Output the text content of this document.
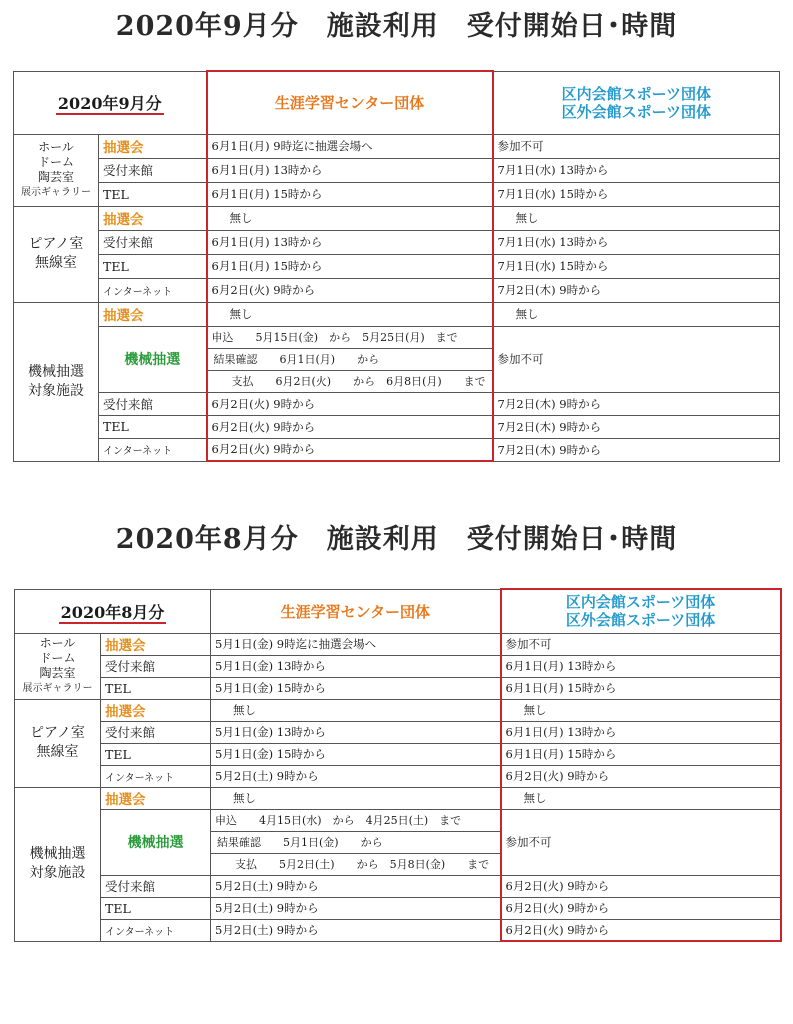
2020年9月分　施設利用　受付開始日･時間
2020年9月分		生涯学習センター団体	区内会館スポーツ団体
区外会館スポーツ団体

ホール
ドーム
陶芸室
展示ギャラリー	抽選会	6月1日(月) 9時迄に抽選会場へ	参加不可
	受付来館	6月1日(月) 13時から	7月1日(水) 13時から
	TEL	6月1日(月) 15時から	7月1日(水) 15時から

ピアノ室
無線室	抽選会	無し	無し
	受付来館	6月1日(月) 13時から	7月1日(水) 13時から
	TEL	6月1日(月) 15時から	7月1日(水) 15時から
	インターネット	6月2日(火) 9時から	7月2日(木) 9時から

機械抽選
対象施設	抽選会	無し	無し
	機械抽選	申込　　5月15日(金)　から　5月25日(月)　まで	参加不可
		結果確認　　6月1日(月)　　から	
		支払　　6月2日(火)　　から　6月8日(月)　　まで	
	受付来館	6月2日(火) 9時から	7月2日(木) 9時から
	TEL	6月2日(火) 9時から	7月2日(木) 9時から
	インターネット	6月2日(火) 9時から	7月2日(木) 9時から
2020年8月分　施設利用　受付開始日･時間
2020年8月分		生涯学習センター団体	区内会館スポーツ団体
区外会館スポーツ団体

ホール
ドーム
陶芸室
展示ギャラリー	抽選会	5月1日(金) 9時迄に抽選会場へ	参加不可
	受付来館	5月1日(金) 13時から	6月1日(月) 13時から
	TEL	5月1日(金) 15時から	6月1日(月) 15時から

ピアノ室
無線室	抽選会	無し	無し
	受付来館	5月1日(金) 13時から	6月1日(月) 13時から
	TEL	5月1日(金) 15時から	6月1日(月) 15時から
	インターネット	5月2日(土) 9時から	6月2日(火) 9時から

機械抽選
対象施設	抽選会	無し	無し
	機械抽選	申込　　4月15日(水)　から　4月25日(土)　まで	参加不可
		結果確認　　5月1日(金)　　から	
		支払　　5月2日(土)　　から　5月8日(金)　　まで	
	受付来館	5月2日(土) 9時から	6月2日(火) 9時から
	TEL	5月2日(土) 9時から	6月2日(火) 9時から
	インターネット	5月2日(土) 9時から	6月2日(火) 9時から
